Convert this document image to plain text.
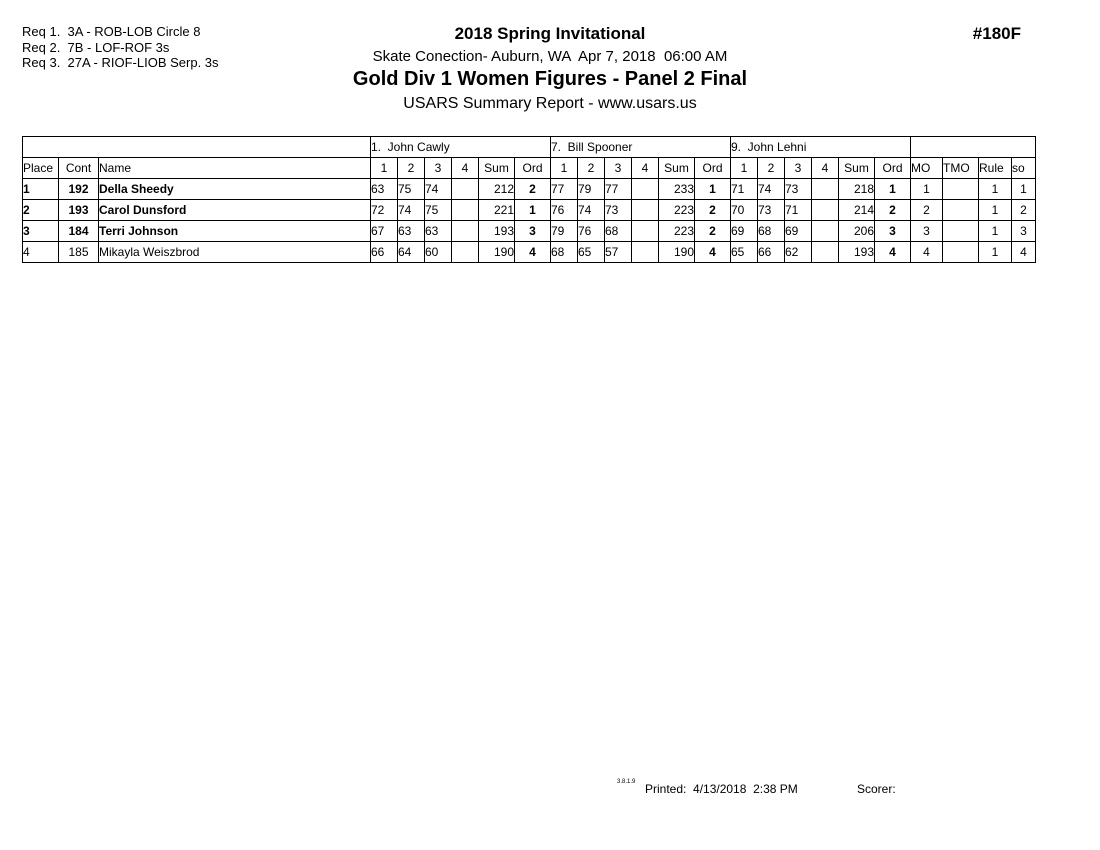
Req 1.  3A - ROB-LOB Circle 8
Req 2.  7B - LOF-ROF 3s
Req 3.  27A - RIOF-LIOB Serp. 3s
2018 Spring Invitational
Skate Conection- Auburn, WA  Apr 7, 2018  06:00 AM
Gold Div 1 Women Figures - Panel 2 Final
USARS Summary Report - www.usars.us
#180F
			1.  John Cawly						7.  Bill Spooner						9.  John Lehni									
Place	Cont	Name	1	2	3	4	Sum	Ord	1	2	3	4	Sum	Ord	1	2	3	4	Sum	Ord	MO	TMO	Rule	so
1	192	Della Sheedy	63	75	74		212	2	77	79	77		233	1	71	74	73		218	1	1		1	1
2	193	Carol Dunsford	72	74	75		221	1	76	74	73		223	2	70	73	71		214	2	2		1	2
3	184	Terri Johnson	67	63	63		193	3	79	76	68		223	2	69	68	69		206	3	3		1	3
4	185	Mikayla Weiszbrod	66	64	60		190	4	68	65	57		190	4	65	66	62		193	4	4		1	4
3.8.1.9 Printed:  4/13/2018  2:38 PM	Scorer:
